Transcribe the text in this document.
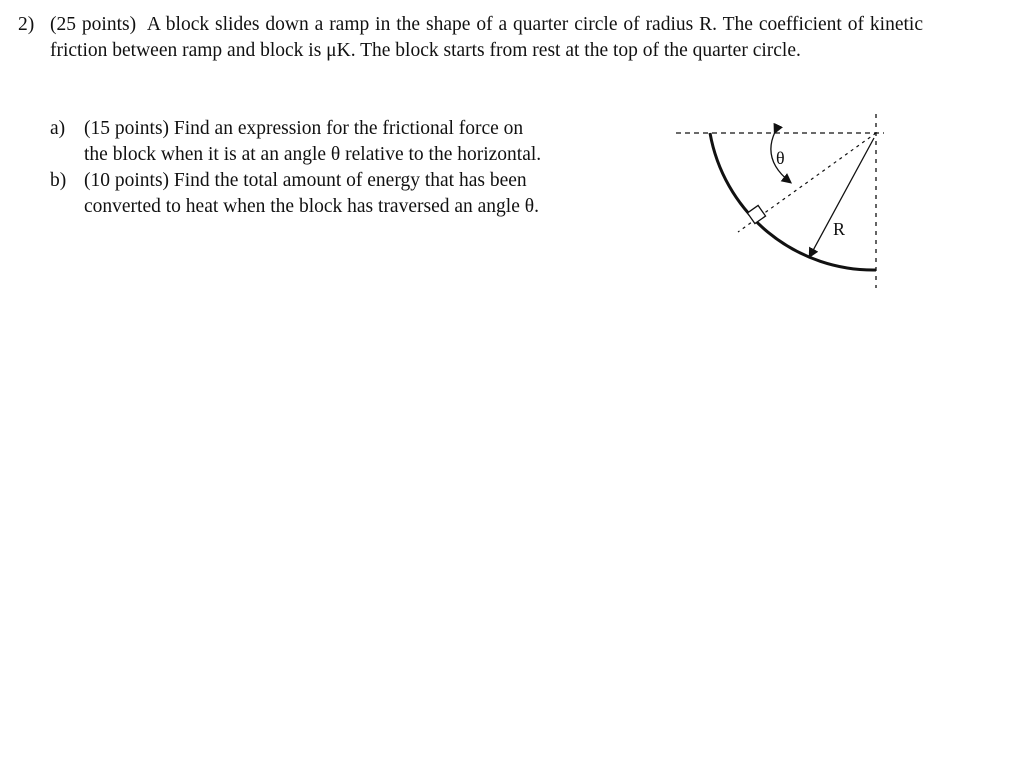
2) (25 points) A block slides down a ramp in the shape of a quarter circle of radius R. The coefficient of kinetic friction between ramp and block is μK. The block starts from rest at the top of the quarter circle.
a) (15 points) Find an expression for the frictional force on
the block when it is at an angle θ relative to the horizontal.
b) (10 points) Find the total amount of energy that has been
converted to heat when the block has traversed an angle θ.
θ
R
